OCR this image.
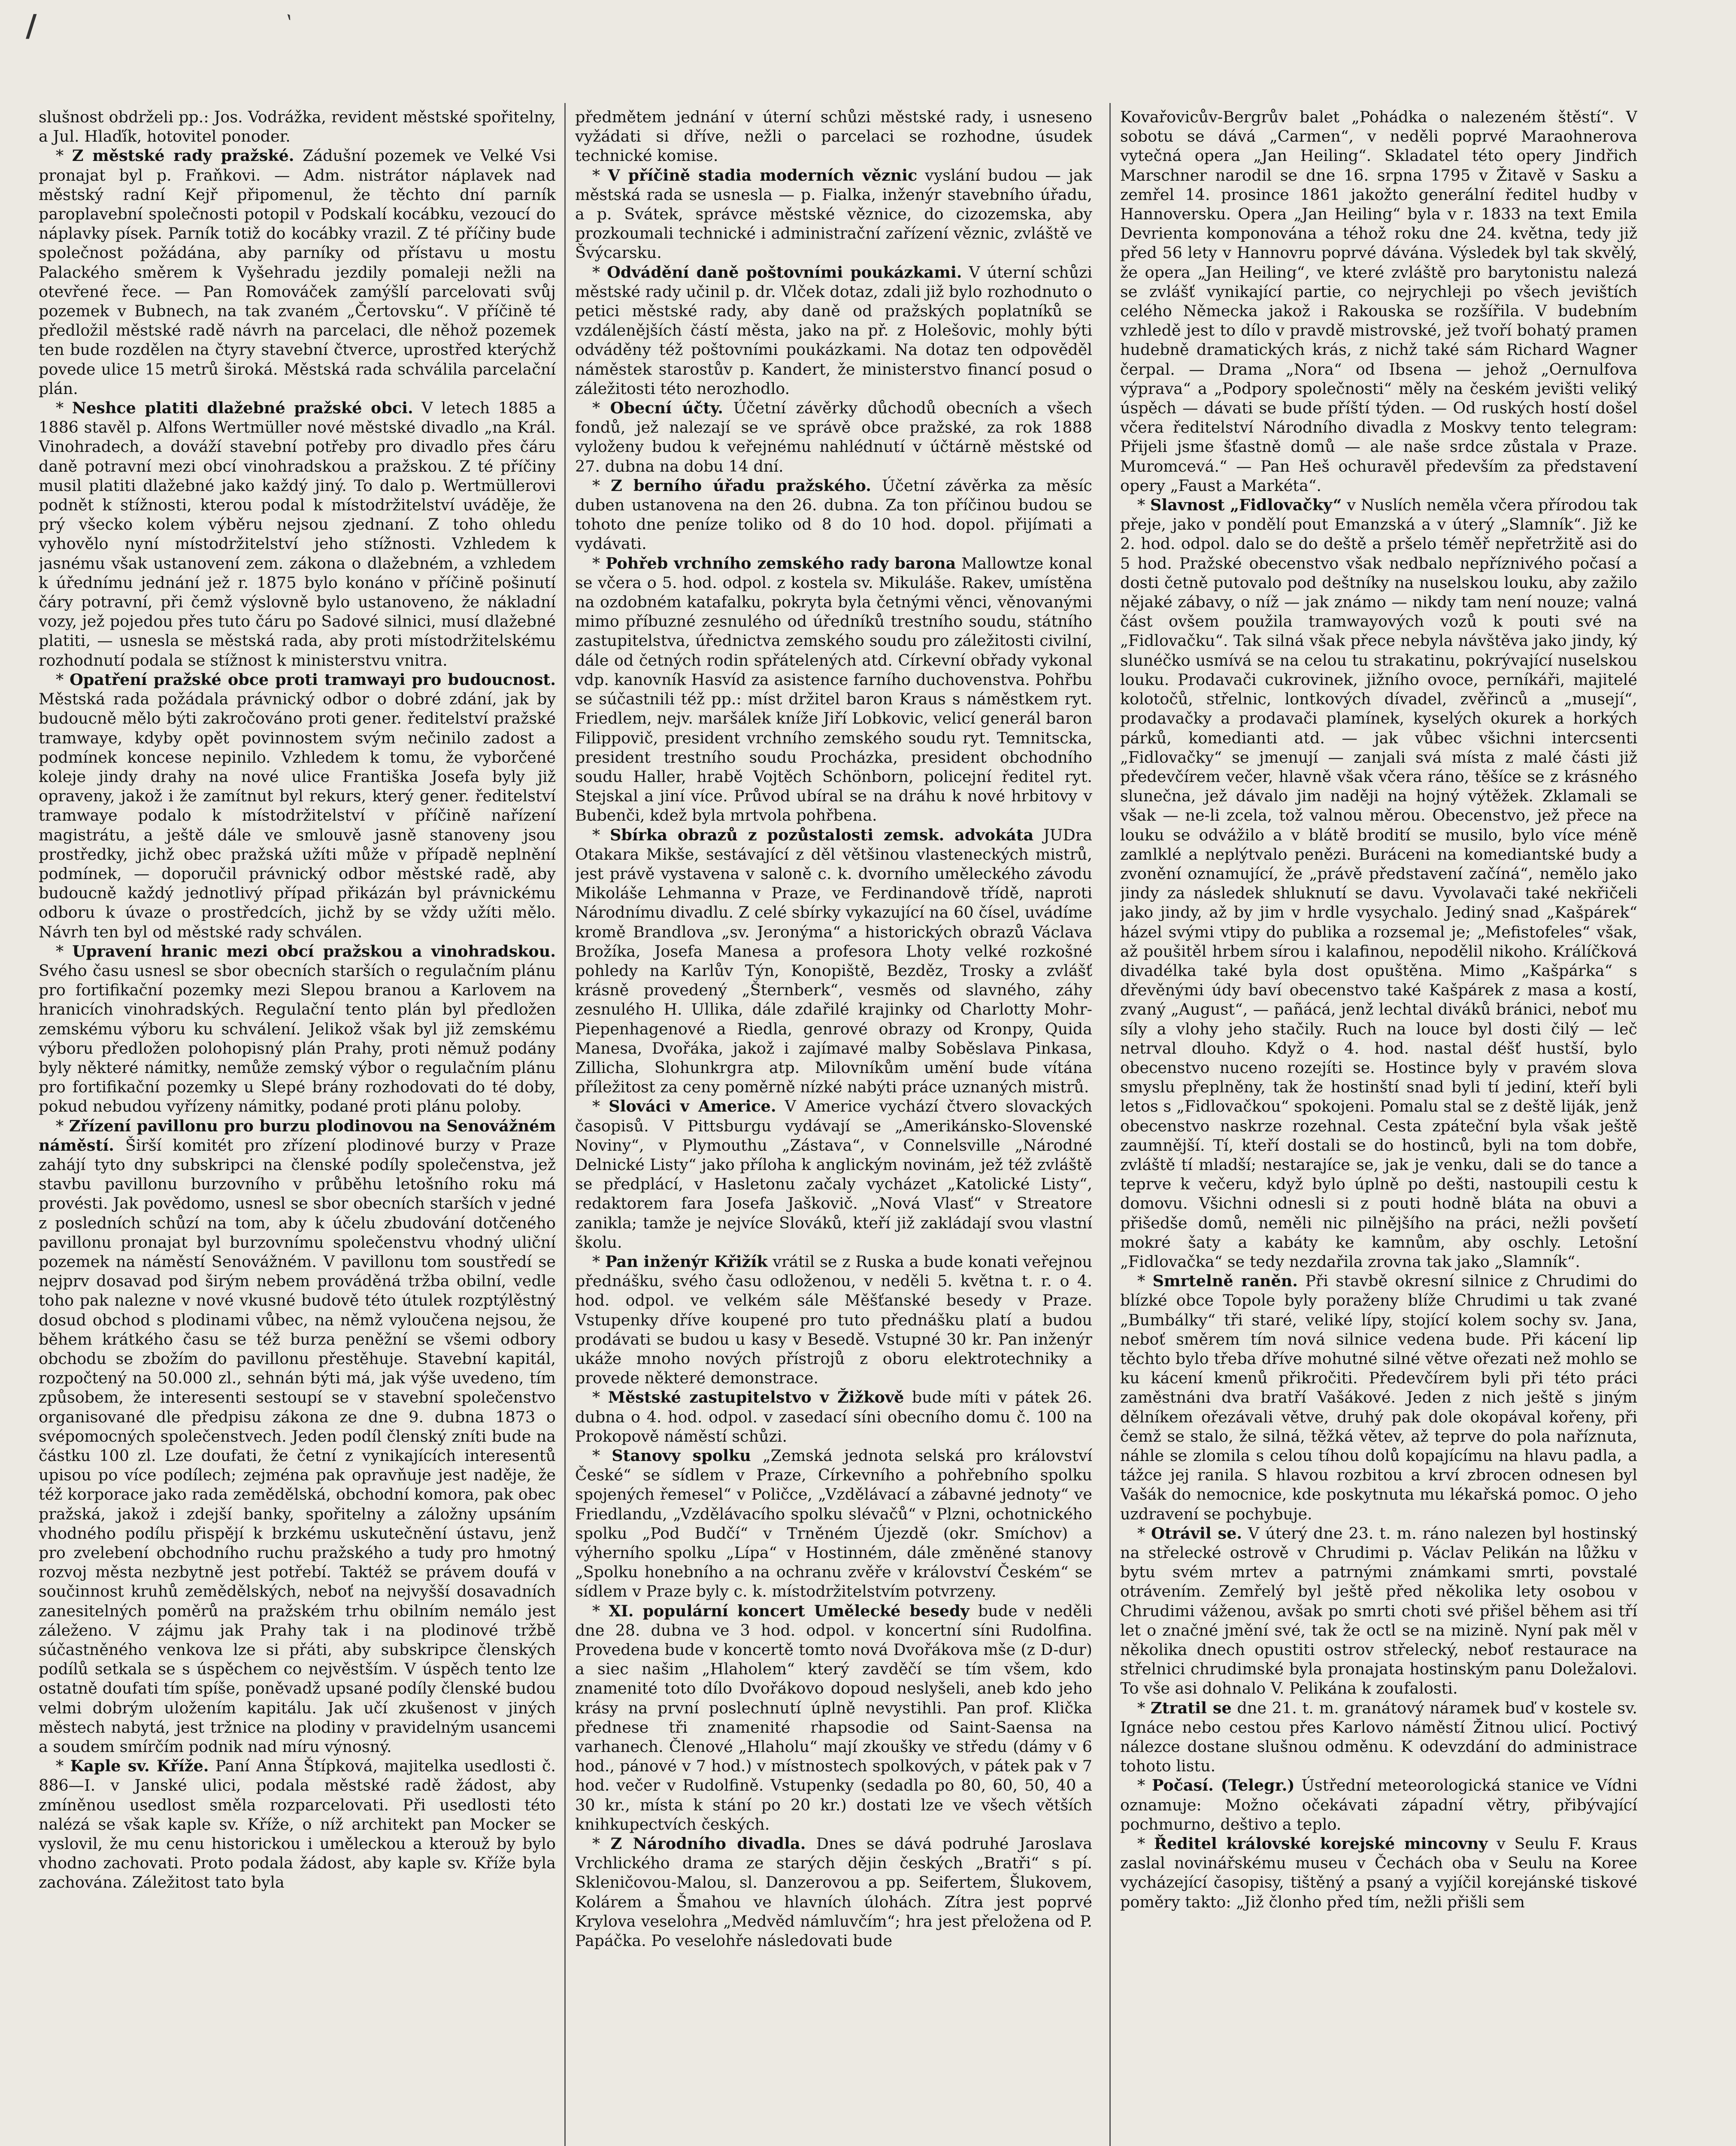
/	‵

slušnost obdrželi pp.: Jos. Vodrážka, revident městské spořitelny, a Jul. Hlaďík, hotovitel ponoder.

* Z městské rady pražské. Zádušní pozemek ve Velké Vsi pronajat byl p. Fraňkovi. — Adm. nistrátor náplavek nad městský radní Kejř připomenul, že těchto dní parník paroplavební společnosti potopil v Podskalí kocábku, vezoucí do náplavky písek. Parník totiž do kocábky vrazil. Z té příčiny bude společnost požádána, aby parníky od přístavu u mostu Palackého směrem k Vyšehradu jezdily pomaleji nežli na otevřené řece. — Pan Romováček zamýšlí parcelovati svůj pozemek v Bubnech, na tak zvaném „Čertovsku“. V příčině té předložil městské radě návrh na parcelaci, dle něhož pozemek ten bude rozdělen na čtyry stavební čtverce, uprostřed kterýchž povede ulice 15 metrů široká. Městská rada schválila parcelační plán.

* Neshce platiti dlažebné pražské obci. V letech 1885 a 1886 stavěl p. Alfons Wertmüller nové městské divadlo „na Král. Vinohradech, a dováží stavební potřeby pro divadlo přes čáru daně potravní mezi obcí vinohradskou a pražskou. Z té příčiny musil platiti dlažebné jako každý jiný. To dalo p. Wertmüllerovi podnět k stížnosti, kterou podal k místodržitelství uváděje, že prý všecko kolem výběru nejsou zjednaní. Z toho ohledu vyhovělo nyní místodržitelství jeho stížnosti. Vzhledem k jasnému však ustanovení zem. zákona o dlažebném, a vzhledem k úřednímu jednání jež r. 1875 bylo konáno v příčině pošinutí čáry potravní, při čemž výslovně bylo ustanoveno, že nákladní vozy, jež pojedou přes tuto čáru po Sadové silnici, musí dlažebné platiti, — usnesla se městská rada, aby proti místodržitelskému rozhodnutí podala se stížnost k ministerstvu vnitra.

* Opatření pražské obce proti tramwayi pro budoucnost. Městská rada požádala právnický odbor o dobré zdání, jak by budoucně mělo býti zakročováno proti gener. ředitelství pražské tramwaye, kdyby opět povinnostem svým nečinilo zadost a podmínek koncese nepinilo. Vzhledem k tomu, že vyborčené koleje jindy drahy na nové ulice Františka Josefa byly již opraveny, jakož i že zamítnut byl rekurs, který gener. ředitelství tramwaye podalo k místodržitelství v příčině nařízení magistrátu, a ještě dále ve smlouvě jasně stanoveny jsou prostředky, jichž obec pražská užíti může v případě neplnění podmínek, — doporučil právnický odbor městské radě, aby budoucně každý jednotlivý případ přikázán byl právnickému odboru k úvaze o prostředcích, jichž by se vždy užíti mělo. Návrh ten byl od městské rady schválen.

* Upravení hranic mezi obcí pražskou a vinohradskou. Svého času usnesl se sbor obecních starších o regulačním plánu pro fortifikační pozemky mezi Slepou branou a Karlovem na hranicích vinohradských. Regulační tento plán byl předložen zemskému výboru ku schválení. Jelikož však byl již zemskému výboru předložen polohopisný plán Prahy, proti němuž podány byly některé námitky, nemůže zemský výbor o regulačním plánu pro fortifikační pozemky u Slepé brány rozhodovati do té doby, pokud nebudou vyřízeny námitky, podané proti plánu poloby.

* Zřízení pavillonu pro burzu plodinovou na Senovážném náměstí. Širší komitét pro zřízení plodinové burzy v Praze zahájí tyto dny subskripci na členské podíly společenstva, jež stavbu pavillonu burzovního v průběhu letošního roku má provésti. Jak povědomo, usnesl se sbor obecních starších v jedné z posledních schůzí na tom, aby k účelu zbudování dotčeného pavillonu pronajat byl burzovnímu společenstvu vhodný uliční pozemek na náměstí Senovážném. V pavillonu tom soustředí se nejprv dosavad pod širým nebem prováděná tržba obilní, vedle toho pak nalezne v nové vkusné budově této útulek rozptýlěstný dosud obchod s plodinami vůbec, na němž vyloučena nejsou, že během krátkého času se též burza peněžní se všemi odbory obchodu se zbožím do pavillonu přestěhuje. Stavební kapitál, rozpočtený na 50.000 zl., sehnán býti má, jak výše uvedeno, tím způsobem, že interesenti sestoupí se v stavební společenstvo organisované dle předpisu zákona ze dne 9. dubna 1873 o svépomocných společenstvech. Jeden podíl členský zníti bude na částku 100 zl. Lze doufati, že četní z vynikajících interesentů upisou po více podílech; zejména pak opravňuje jest naděje, že též korporace jako rada zemědělská, obchodní komora, pak obec pražská, jakož i zdejší banky, spořitelny a záložny upsáním vhodného podílu přispějí k brzkému uskutečnění ústavu, jenž pro zvelebení obchodního ruchu pražského a tudy pro hmotný rozvoj města nezbytně jest potřebí. Taktéž se právem doufá v součinnost kruhů zemědělských, neboť na nejvyšší dosavadních zanesitelných poměrů na pražském trhu obilním nemálo jest záleženo. V zájmu jak Prahy tak i na plodinové tržbě súčastněného venkova lze si přáti, aby subskripce členských podílů setkala se s úspěchem co nejvěstším. V úspěch tento lze ostatně doufati tím spíše, poněvadž upsané podíly členské budou velmi dobrým uložením kapitálu. Jak učí zkušenost v jiných městech nabytá, jest tržnice na plodiny v pravidelným usancemi a soudem smírčím podnik nad míru výnosný.

* Kaple sv. Kříže. Paní Anna Štípková, majitelka usedlosti č. 886—I. v Janské ulici, podala městské radě žádost, aby zmíněnou usedlost směla rozparcelovati. Při usedlosti této nalézá se však kaple sv. Kříže, o níž architekt pan Mocker se vyslovil, že mu cenu historickou i uměleckou a kterouž by bylo vhodno zachovati. Proto podala žádost, aby kaple sv. Kříže byla zachována. Záležitost tato byla

předmětem jednání v úterní schůzi městské rady, i usneseno vyžádati si dříve, nežli o parcelaci se rozhodne, úsudek technické komise.

* V příčině stadia moderních věznic vyslání budou — jak městská rada se usnesla — p. Fialka, inženýr stavebního úřadu, a p. Svátek, správce městské věznice, do cizozemska, aby prozkoumali technické i administrační zařízení věznic, zvláště ve Švýcarsku.

* Odvádění daně poštovními poukázkami. V úterní schůzi městské rady učinil p. dr. Vlček dotaz, zdali již bylo rozhodnuto o petici městské rady, aby daně od pražských poplatníků se vzdálenějších částí města, jako na př. z Holešovic, mohly býti odváděny též poštovními poukázkami. Na dotaz ten odpověděl náměstek starostův p. Kandert, že ministerstvo financí posud o záležitosti této nerozhodlo.

* Obecní účty. Účetní závěrky důchodů obecních a všech fondů, jež nalezají se ve správě obce pražské, za rok 1888 vyloženy budou k veřejnému nahlédnutí v účtárně městské od 27. dubna na dobu 14 dní.

* Z berního úřadu pražského. Účetní závěrka za měsíc duben ustanovena na den 26. dubna. Za ton příčinou budou se tohoto dne peníze toliko od 8 do 10 hod. dopol. přijímati a vydávati.

* Pohřeb vrchního zemského rady barona Mallowtze konal se včera o 5. hod. odpol. z kostela sv. Mikuláše. Rakev, umístěna na ozdobném katafalku, pokryta byla četnými věnci, věnovanými mimo příbuzné zesnulého od úředníků trestního soudu, státního zastupitelstva, úřednictva zemského soudu pro záležitosti civilní, dále od četných rodin spřátelených atd. Církevní obřady vykonal vdp. kanovník Hasvíd za asistence farního duchovenstva. Pohřbu se súčastnili též pp.: míst držitel baron Kraus s náměstkem ryt. Friedlem, nejv. maršálek kníže Jiří Lobkovic, velicí generál baron Filippovič, president vrchního zemského soudu ryt. Temnitscka, president trestního soudu Procházka, president obchodního soudu Haller, hrabě Vojtěch Schönborn, policejní ředitel ryt. Stejskal a jiní více. Průvod ubíral se na dráhu k nové hrbitovy v Bubenči, kdež byla mrtvola pohřbena.

* Sbírka obrazů z pozůstalosti zemsk. advokáta JUDra Otakara Mikše, sestávající z děl většinou vlasteneckých mistrů, jest právě vystavena v saloně c. k. dvorního uměleckého závodu Mikoláše Lehmanna v Praze, ve Ferdinandově třídě, naproti Národnímu divadlu. Z celé sbírky vykazující na 60 čísel, uvádíme kromě Brandlova „sv. Jeronýma“ a historických obrazů Václava Brožíka, Josefa Manesa a profesora Lhoty velké rozkošné pohledy na Karlův Týn, Konopiště, Bezděz, Trosky a zvlášť krásně provedený „Šternberk“, vesměs od slavného, záhy zesnulého H. Ullika, dále zdařilé krajinky od Charlotty Mohr-Piepenhagenové a Riedla, genrové obrazy od Kronpy, Quida Manesa, Dvořáka, jakož i zajímavé malby Soběslava Pinkasa, Zillicha, Slohunkrgra atp. Milovníkům umění bude vítána příležitost za ceny poměrně nízké nabýti práce uznaných mistrů.

* Slováci v Americe. V Americe vychází čtvero slovackých časopisů. V Pittsburgu vydávají se „Amerikánsko-Slovenské Noviny“, v Plymouthu „Zástava“, v Connelsville „Národné Delnické Listy“ jako příloha k anglickým novinám, jež též zvláště se předplácí, v Hasletonu začaly vycházet „Katolické Listy“, redaktorem fara Josefa Jaškovič. „Nová Vlasť“ v Streatore zanikla; tamže je nejvíce Slováků, kteří již zakládají svou vlastní školu.

* Pan inženýr Křižík vrátil se z Ruska a bude konati veřejnou přednášku, svého času odloženou, v neděli 5. května t. r. o 4. hod. odpol. ve velkém sále Měšťanské besedy v Praze. Vstupenky dříve koupené pro tuto přednášku platí a budou prodávati se budou u kasy v Besedě. Vstupné 30 kr. Pan inženýr ukáže mnoho nových přístrojů z oboru elektrotechniky a provede některé demonstrace.

* Městské zastupitelstvo v Žižkově bude míti v pátek 26. dubna o 4. hod. odpol. v zasedací síni obecního domu č. 100 na Prokopově náměstí schůzi.

* Stanovy spolku „Zemská jednota selská pro království České“ se sídlem v Praze, Církevního a pohřebního spolku spojených řemesel“ v Poličce, „Vzdělávací a zábavné jednoty“ ve Friedlandu, „Vzdělávacího spolku slévačů“ v Plzni, ochotnického spolku „Pod Budčí“ v Trněném Újezdě (okr. Smíchov) a výherního spolku „Lípa“ v Hostinném, dále změněné stanovy „Spolku honebního a na ochranu zvěře v království Českém“ se sídlem v Praze byly c. k. místodržitelstvím potvrzeny.

* XI. populární koncert Umělecké besedy bude v neděli dne 28. dubna ve 3 hod. odpol. v koncertní síni Rudolfina. Provedena bude v koncertě tomto nová Dvořákova mše (z D-dur) a siec našim „Hlaholem“ který zavděčí se tím všem, kdo znamenité toto dílo Dvořákovo dopoud neslyšeli, aneb kdo jeho krásy na první poslechnutí úplně nevystihli. Pan prof. Klička přednese tři znamenité rhapsodie od Saint-Saensa na varhanech. Členové „Hlaholu“ mají zkoušky ve středu (dámy v 6 hod., pánové v 7 hod.) v místnostech spolkových, v pátek pak v 7 hod. večer v Rudolfině. Vstupenky (sedadla po 80, 60, 50, 40 a 30 kr., místa k stání po 20 kr.) dostati lze ve všech větších knihkupectvích českých.

* Z Národního divadla. Dnes se dává podruhé Jaroslava Vrchlického drama ze starých dějin českých „Bratři“ s pí. Skleničovou-Malou, sl. Danzerovou a pp. Seifertem, Šlukovem, Kolárem a Šmahou ve hlavních úlohách. Zítra jest poprvé Krylova veselohra „Medvěd námluvčím“; hra jest přeložena od P. Papáčka. Po veselohře následovati bude

Kovařovicův-Bergrův balet „Pohádka o nalezeném štěstí“. V sobotu se dává „Carmen“, v neděli poprvé Maraohnerova vytečná opera „Jan Heiling“. Skladatel této opery Jindřich Marschner narodil se dne 16. srpna 1795 v Žitavě v Sasku a zemřel 14. prosince 1861 jakožto generální ředitel hudby v Hannoversku. Opera „Jan Heiling“ byla v r. 1833 na text Emila Devrienta komponována a téhož roku dne 24. května, tedy již před 56 lety v Hannovru poprvé dávána. Výsledek byl tak skvělý, že opera „Jan Heiling“, ve které zvláště pro barytonistu nalezá se zvlášť vynikající partie, co nejrychleji po všech jevištích celého Německa jakož i Rakouska se rozšířila. V budebním vzhledě jest to dílo v pravdě mistrovské, jež tvoří bohatý pramen hudebně dramatických krás, z nichž také sám Richard Wagner čerpal. — Drama „Nora“ od Ibsena — jehož „Oernulfova výprava“ a „Podpory společnosti“ měly na českém jevišti veliký úspěch — dávati se bude příští týden. — Od ruských hostí došel včera ředitelství Národního divadla z Moskvy tento telegram: Přijeli jsme šťastně domů — ale naše srdce zůstala v Praze. Muromcevá.“ — Pan Heš ochuravěl především za představení opery „Faust a Markéta“.

* Slavnost „Fidlovačky“ v Nuslích neměla včera přírodou tak přeje, jako v pondělí pout Emanzská a v úterý „Slamník“. Již ke 2. hod. odpol. dalo se do deště a pršelo téměř nepřetržitě asi do 5 hod. Pražské obecenstvo však nedbalo nepříznivého počasí a dosti četně putovalo pod deštníky na nuselskou louku, aby zažilo nějaké zábavy, o níž — jak známo — nikdy tam není nouze; valná část ovšem použila tramwayových vozů k pouti své na „Fidlovačku“. Tak silná však přece nebyla návštěva jako jindy, ký slunéčko usmívá se na celou tu strakatinu, pokrývající nuselskou louku. Prodavači cukrovinek, jižního ovoce, perníkáři, majitelé kolotočů, střelnic, lontkových dívadel, zvěřinců a „musejí“, prodavačky a prodavači plamínek, kyselých okurek a horkých párků, komedianti atd. — jak vůbec všichni intercsenti „Fidlovačky“ se jmenují — zanjali svá místa z malé části již předevčírem večer, hlavně však včera ráno, těšíce se z krásného slunečna, jež dávalo jim naději na hojný výtěžek. Zklamali se však — ne-li zcela, tož valnou měrou. Obecenstvo, jež přece na louku se odvážilo a v blátě brodití se musilo, bylo více méně zamlklé a neplýtvalo penězi. Buráceni na komediantské budy a zvonění oznamující, že „právě představení začíná“, nemělo jako jindy za následek shluknutí se davu. Vyvolavači také nekřičeli jako jindy, až by jim v hrdle vysychalo. Jediný snad „Kašpárek“ házel svými vtipy do publika a rozsemal je; „Mefistofeles“ však, až poušitěl hrbem sírou i kalafinou, nepodělil nikoho. Králíčková divadélka také byla dost opuštěna. Mimo „Kašpárka“ s dřevěnými údy baví obecenstvo také Kašpárek z masa a kostí, zvaný „August“, — pañácá, jenž lechtal diváků bránici, neboť mu síly a vlohy jeho stačily. Ruch na louce byl dosti čilý — leč netrval dlouho. Když o 4. hod. nastal déšť hustší, bylo obecenstvo nuceno rozejíti se. Hostince byly v pravém slova smyslu přeplněny, tak že hostinští snad byli tí jediní, kteří byli letos s „Fidlovačkou“ spokojeni. Pomalu stal se z deště liják, jenž obecenstvo naskrze rozehnal. Cesta zpáteční byla však ještě zaumnější. Tí, kteří dostali se do hostinců, byli na tom dobře, zvláště tí mladší; nestarajíce se, jak je venku, dali se do tance a teprve k večeru, když bylo úplně po dešti, nastoupili cestu k domovu. Všichni odnesli si z pouti hodně bláta na obuvi a přišedše domů, neměli nic pilnějšího na práci, nežli povšetí mokré šaty a kabáty ke kamnům, aby oschly. Letošní „Fidlovačka“ se tedy nezdařila zrovna tak jako „Slamník“.

* Smrtelně raněn. Při stavbě okresní silnice z Chrudimi do blízké obce Topole byly poraženy blíže Chrudimi u tak zvané „Bumbálky“ tři staré, veliké lípy, stojící kolem sochy sv. Jana, neboť směrem tím nová silnice vedena bude. Při kácení lip těchto bylo třeba dříve mohutné silné větve ořezati než mohlo se ku kácení kmenů přikročiti. Předevčírem byli při této práci zaměstnáni dva bratří Vašákové. Jeden z nich ještě s jiným dělníkem ořezávali větve, druhý pak dole okopával kořeny, při čemž se stalo, že silná, těžká větev, až teprve do pola naříznuta, náhle se zlomila s celou tíhou dolů kopajícímu na hlavu padla, a tážce jej ranila. S hlavou rozbitou a krví zbrocen odnesen byl Vašák do nemocnice, kde poskytnuta mu lékařská pomoc. O jeho uzdravení se pochybuje.

* Otrávil se. V úterý dne 23. t. m. ráno nalezen byl hostinský na střelecké ostrově v Chrudimi p. Václav Pelikán na lůžku v bytu svém mrtev a patrnými známkami smrti, povstalé otrávením. Zemřelý byl ještě před několika lety osobou v Chrudimi váženou, avšak po smrti choti své přišel během asi tří let o značné jmění své, tak že octl se na mizině. Nyní pak měl v několika dnech opustiti ostrov střelecký, neboť restaurace na střelnici chrudimské byla pronajata hostinským panu Doležalovi. To vše asi dohnalo V. Pelikána k zoufalosti.

* Ztratil se dne 21. t. m. granátový náramek buď v kostele sv. Ignáce nebo cestou přes Karlovo náměstí Žitnou ulicí. Poctivý nálezce dostane slušnou odměnu. K odevzdání do administrace tohoto listu.

* Počasí. (Telegr.) Ústřední meteorologická stanice ve Vídni oznamuje: Možno očekávati západní větry, přibývající pochmurno, deštivo a teplo.

* Ředitel královské korejské mincovny v Seulu F. Kraus zaslal novinářskému museu v Čechách oba v Seulu na Koree vycházející časopisy, tištěný a psaný a vyjíčil korejánské tiskové poměry takto: „Již člonho před tím, nežli přišli sem
